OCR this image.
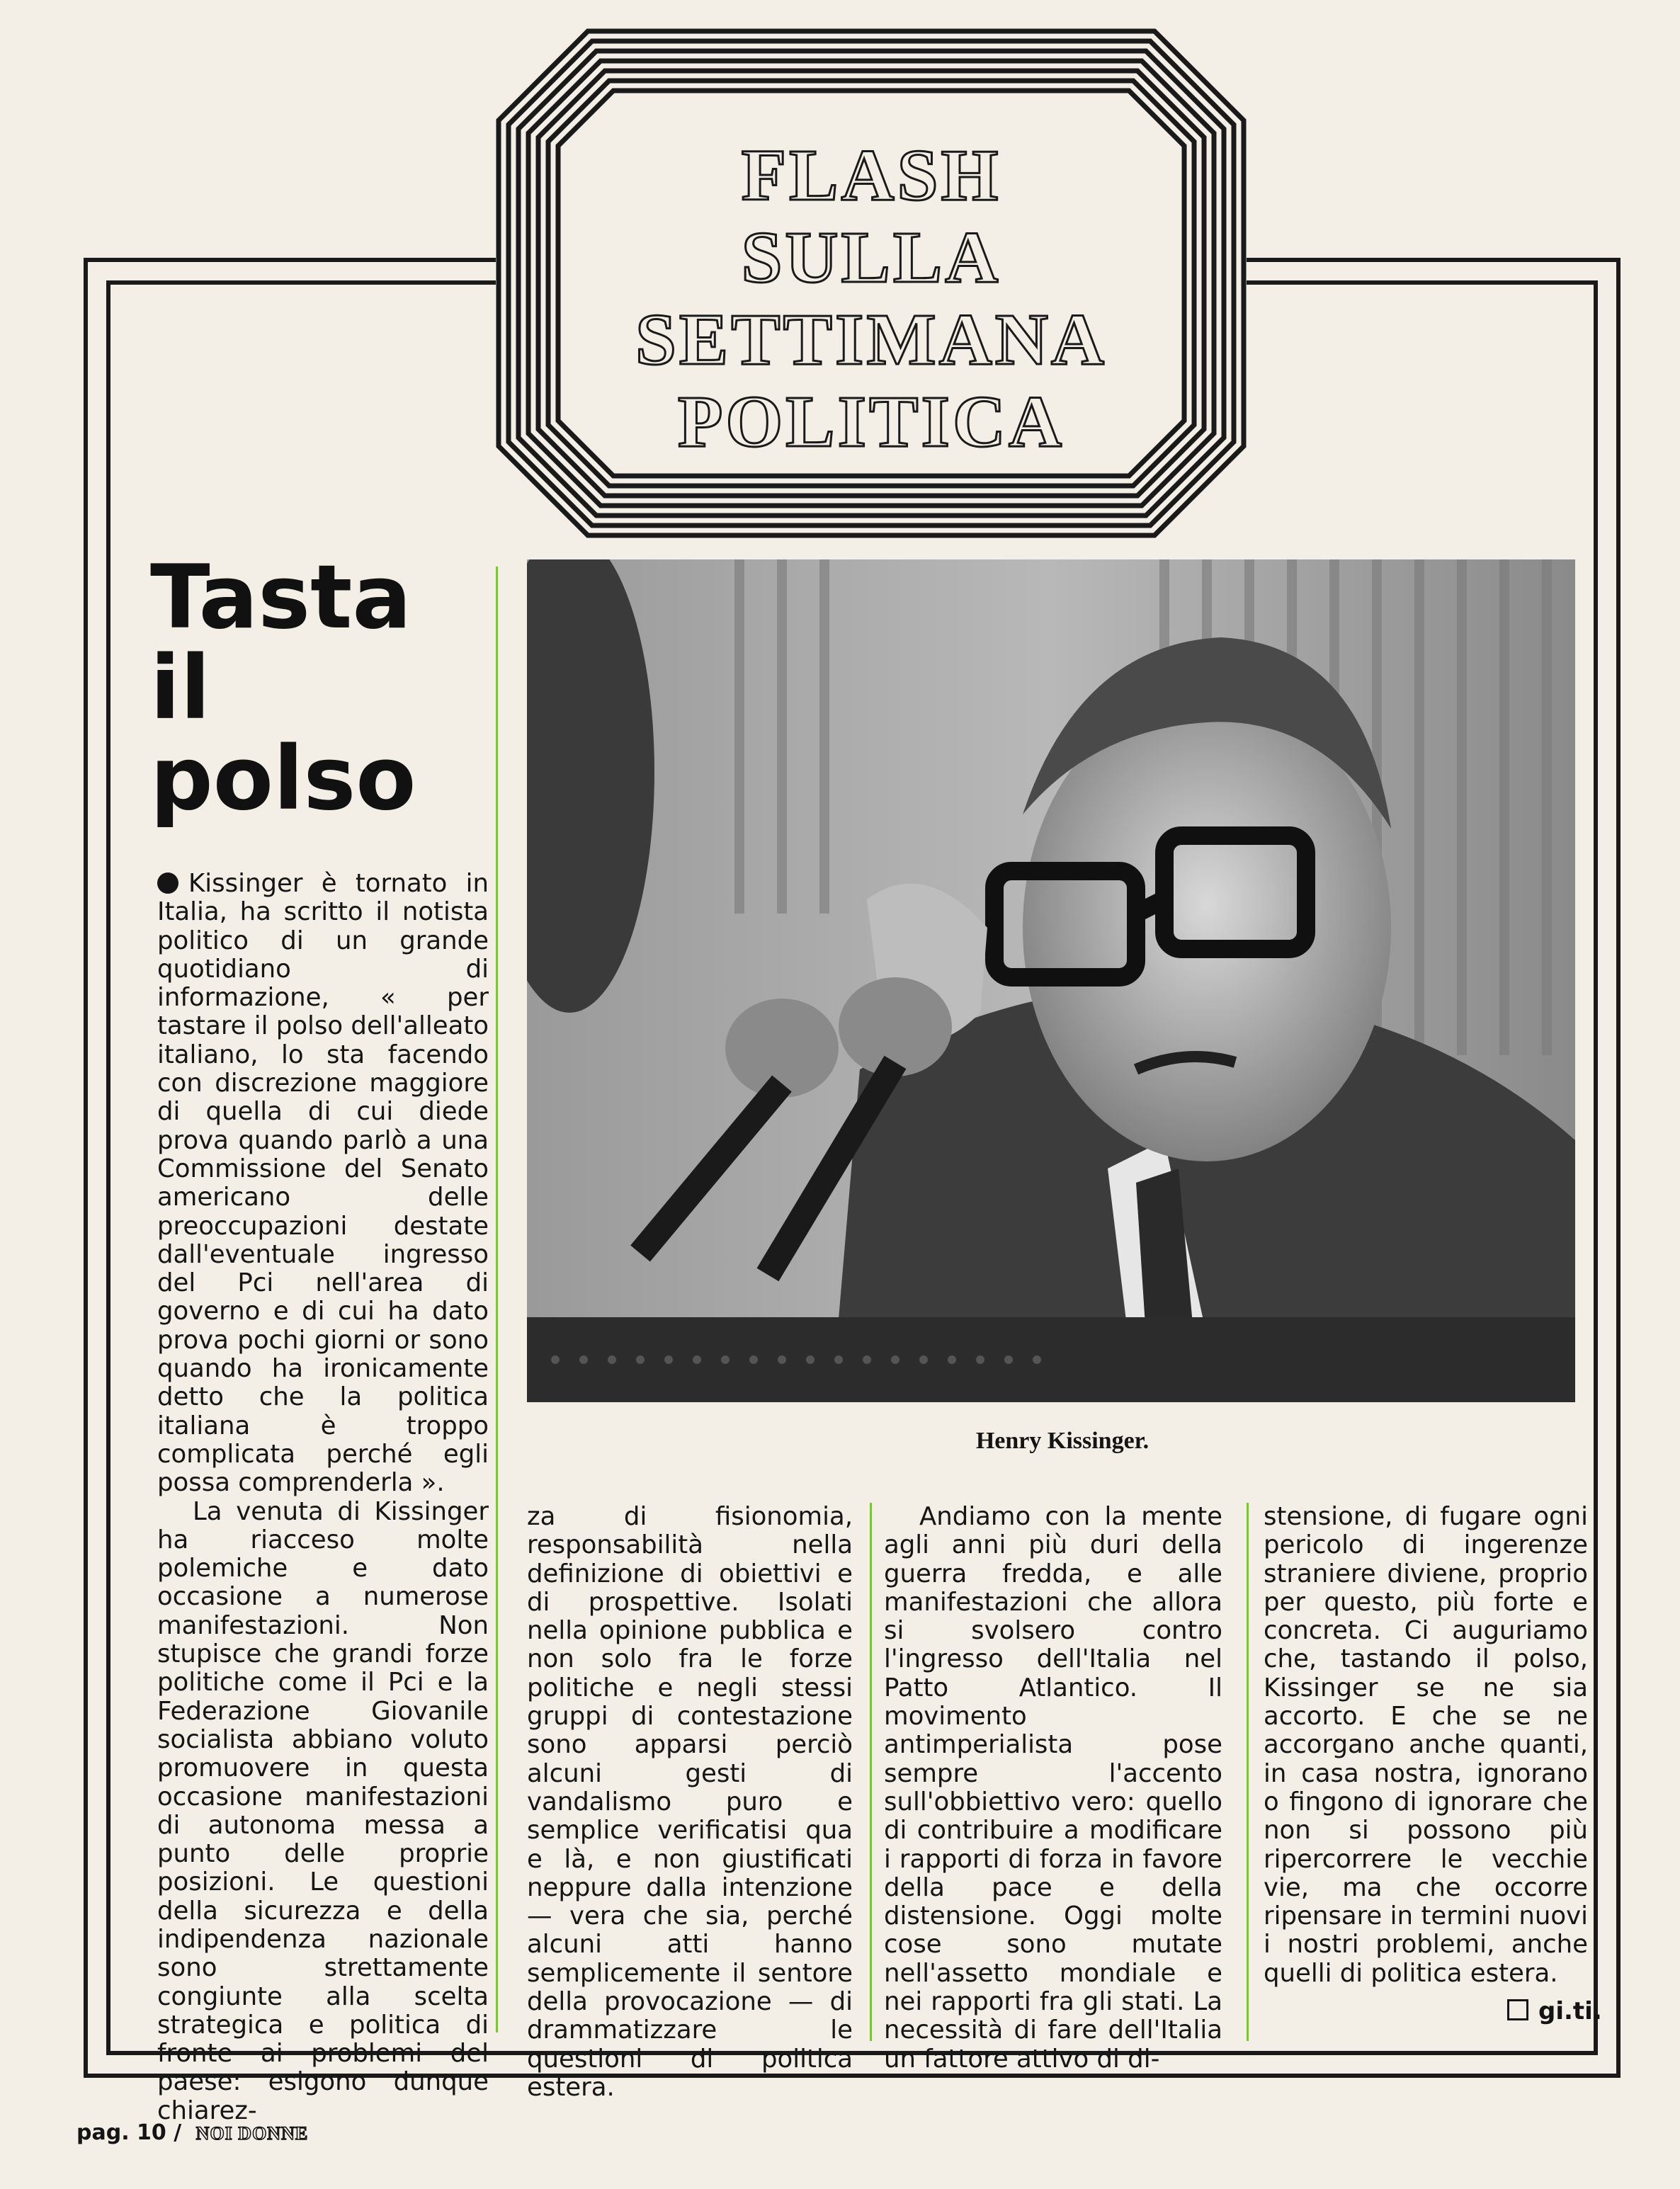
FLASH
SULLA
SETTIMANA
POLITICA
Tasta
il
polso

Kissinger è tornato in Italia, ha scritto il notista politico di un grande quotidiano di informazione, « per tastare il polso dell'alleato italiano, lo sta facendo con discrezione maggiore di quella di cui diede prova quando parlò a una Commissione del Senato americano delle preoccupazioni destate dall'eventuale ingresso del Pci nell'area di governo e di cui ha dato prova pochi giorni or sono quando ha ironicamente detto che la politica italiana è troppo complicata perché egli possa comprenderla ».

La venuta di Kissinger ha riacceso molte polemiche e dato occasione a numerose manifestazioni. Non stupisce che grandi forze politiche come il Pci e la Federazione Giovanile socialista abbiano voluto promuovere in questa occasione manifestazioni di autonoma messa a punto delle proprie posizioni. Le questioni della sicurezza e della indipendenza nazionale sono strettamente congiunte alla scelta strategica e politica di fronte ai problemi del paese: esigono dunque chiarez-

Henry Kissinger.

za di fisionomia, responsabilità nella definizione di obiettivi e di prospettive. Isolati nella opinione pubblica e non solo fra le forze politiche e negli stessi gruppi di contestazione sono apparsi perciò alcuni gesti di vandalismo puro e semplice verificatisi qua e là, e non giustificati neppure dalla intenzione — vera che sia, perché alcuni atti hanno semplicemente il sentore della provocazione — di drammatizzare le questioni di politica estera.

Andiamo con la mente agli anni più duri della guerra fredda, e alle manifestazioni che allora si svolsero contro l'ingresso dell'Italia nel Patto Atlantico. Il movimento antimperialista pose sempre l'accento sull'obbiettivo vero: quello di contribuire a modificare i rapporti di forza in favore della pace e della distensione. Oggi molte cose sono mutate nell'assetto mondiale e nei rapporti fra gli stati. La necessità di fare dell'Italia un fattore attivo di di-

stensione, di fugare ogni pericolo di ingerenze straniere diviene, proprio per questo, più forte e concreta. Ci auguriamo che, tastando il polso, Kissinger se ne sia accorto. E che se ne accorgano anche quanti, in casa nostra, ignorano o fingono di ignorare che non si possono più ripercorrere le vecchie vie, ma che occorre ripensare in termini nuovi i nostri problemi, anche quelli di politica estera.

gi.ti.
pag. 10 / NOI DONNE
